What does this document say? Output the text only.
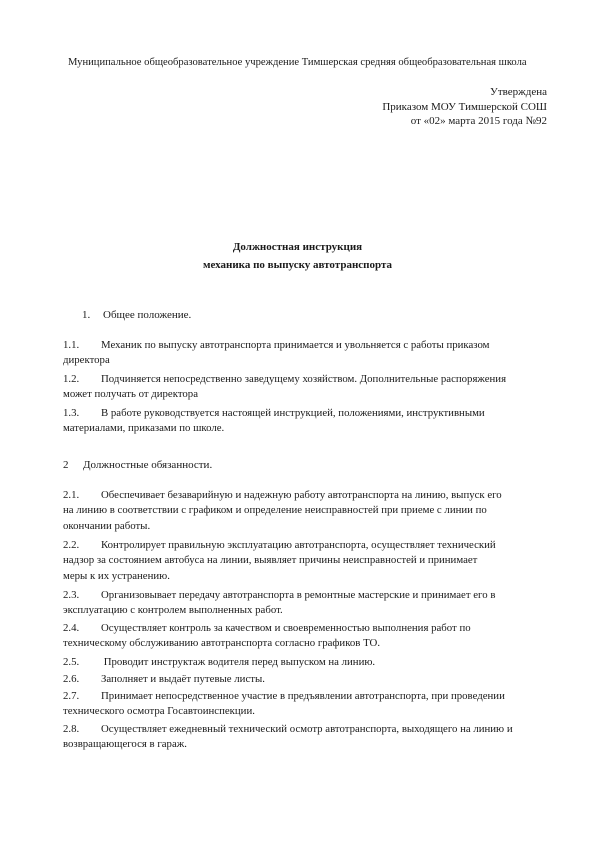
Муниципальное общеобразовательное учреждение Тимшерская средняя общеобразовательная школа
Утверждена
Приказом МОУ Тимшерской СОШ
от «02» марта 2015 года №92
Должностная инструкция
механика по выпуску автотранспорта
1. Общее положение.
1.1. Механик по выпуску автотранспорта принимается и увольняется с работы приказом
директора
1.2. Подчиняется непосредственно заведущему хозяйством. Дополнительные распоряжения
может получать от директора
1.3. В работе руководствуется настоящей инструкцией, положениями, инструктивными
материалами, приказами по школе.
2 Должностные обязанности.
2.1. Обеспечивает безаварийную и надежную работу автотранспорта на линию, выпуск его
на линию в соответствии с графиком и определение неисправностей при приеме с линии по
окончании работы.
2.2. Контролирует правильную эксплуатацию автотранспорта, осуществляет технический
надзор за состоянием автобуса на линии, выявляет причины неисправностей и принимает
меры к их устранению.
2.3. Организовывает передачу автотранспорта в ремонтные мастерские и принимает его в
эксплуатацию с контролем выполненных работ.
2.4. Осуществляет контроль за качеством и своевременностью выполнения работ по
техническому обслуживанию автотранспорта согласно графиков ТО.
2.5. Проводит инструктаж водителя перед выпуском на линию.
2.6. Заполняет и выдаёт путевые листы.
2.7. Принимает непосредственное участие в предъявлении автотранспорта, при проведении
технического осмотра Госавтоинспекции.
2.8. Осуществляет ежедневный технический осмотр автотранспорта, выходящего на линию и
возвращающегося в гараж.
